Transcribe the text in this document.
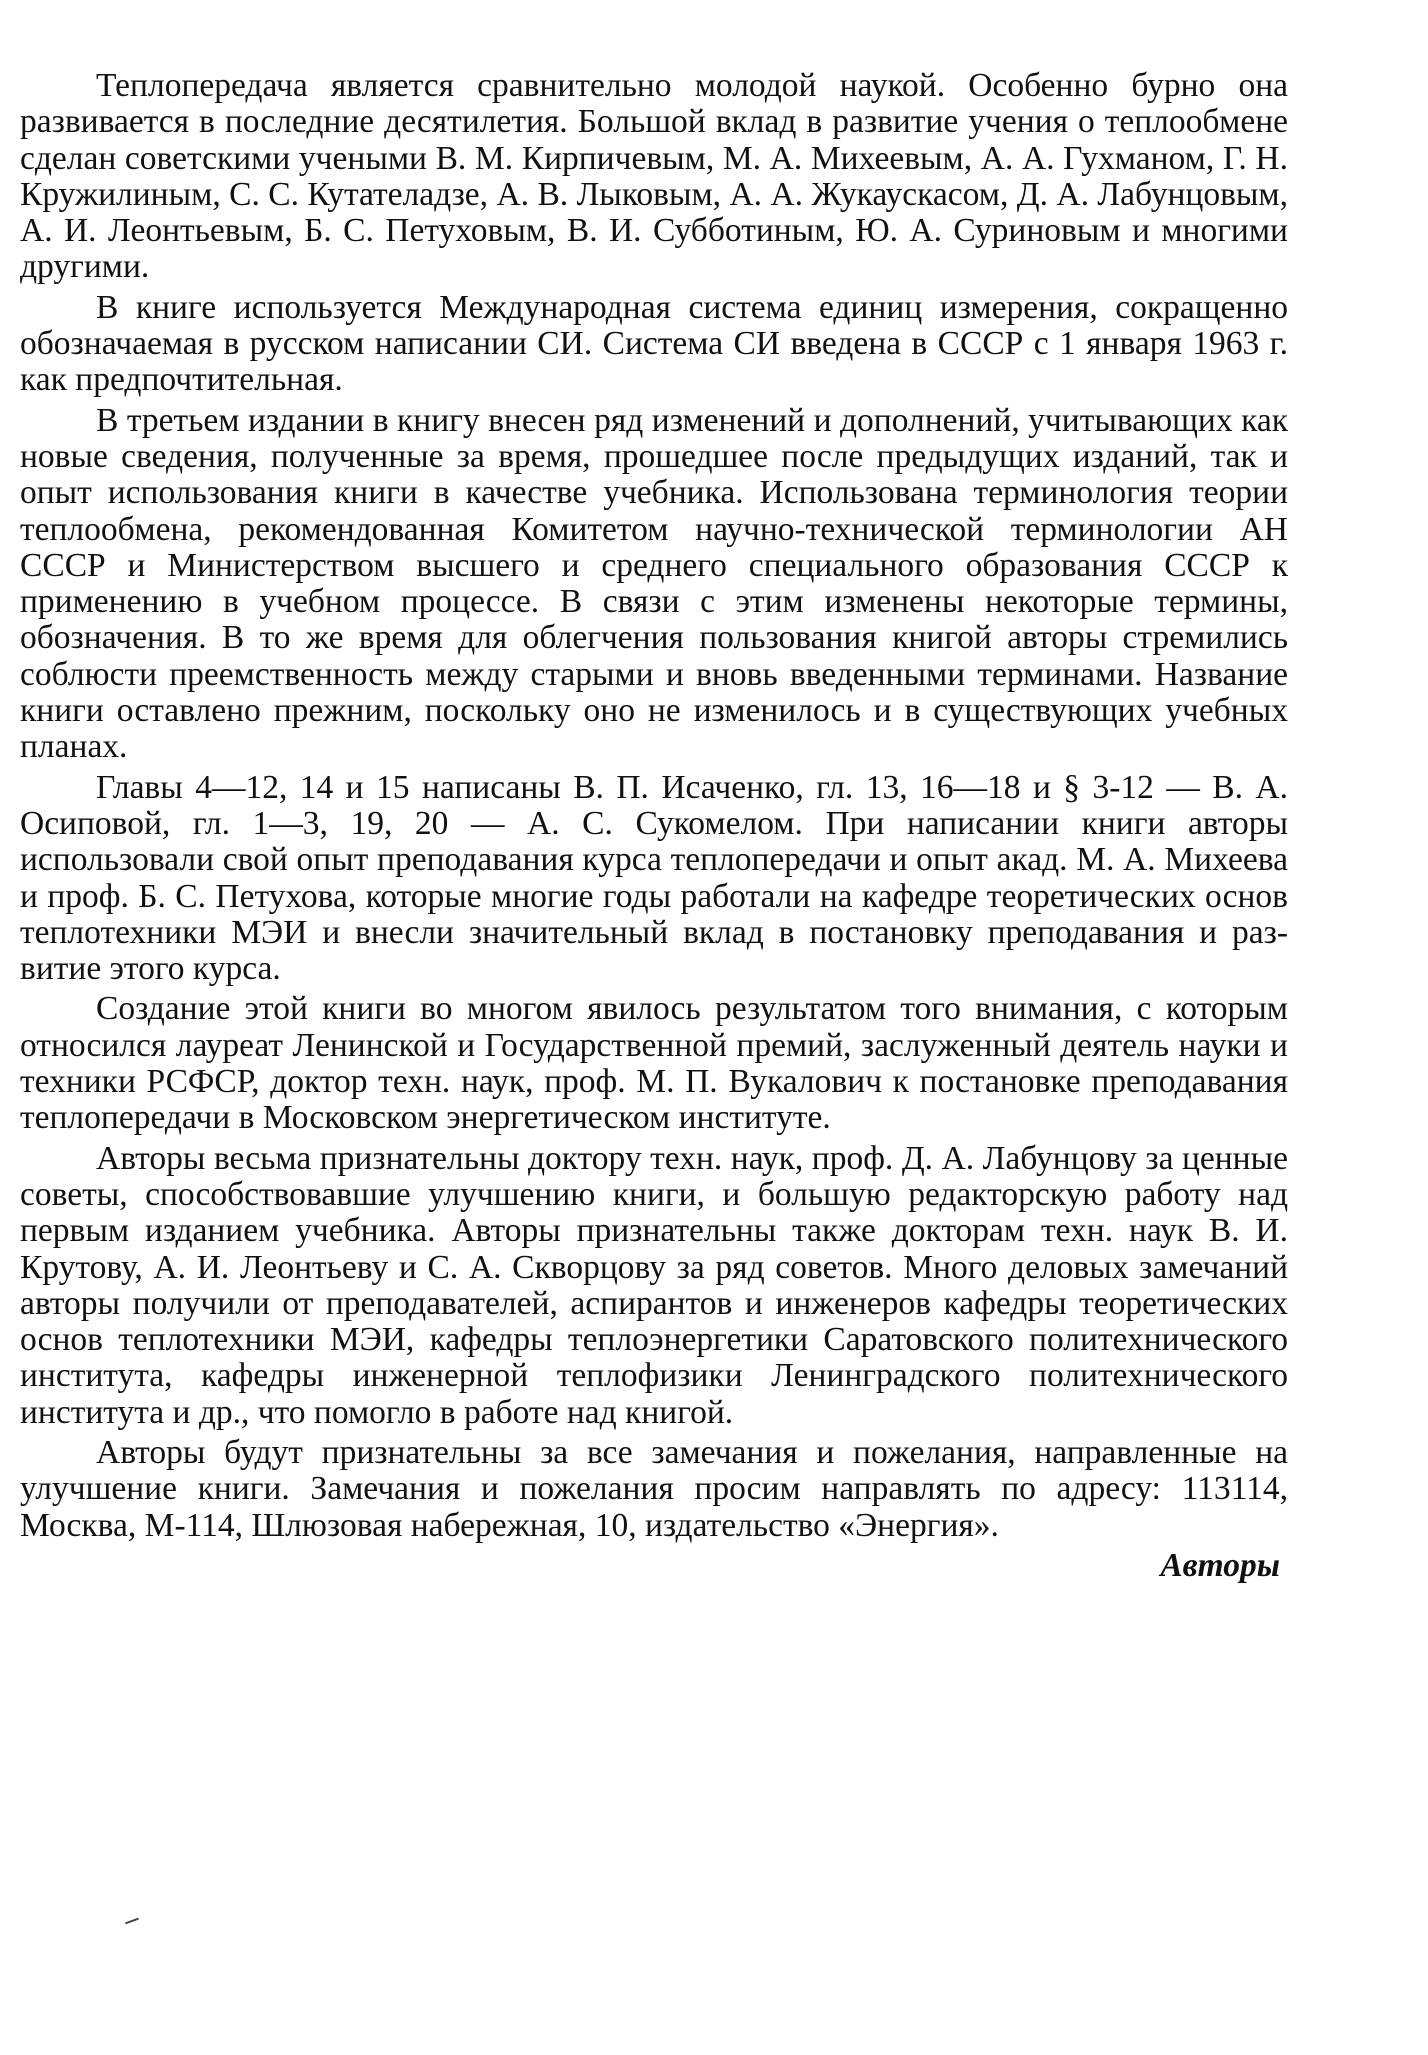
Теплопередача является сравнительно молодой наукой. Особенно бурно она развивается в последние десятилетия. Большой вклад в развитие учения о теплообмене сделан советскими учеными В. М. Кирпичевым, М. А. Михеевым, А. А. Гухманом, Г. Н. Кружилиным, С. С. Кутателадзе, А. В. Лыковым, А. А. Жукаускасом, Д. А. Лабунцовым, А. И. Леонтьевым, Б. С. Петуховым, В. И. Субботиным, Ю. А. Суриновым и многими другими.

В книге используется Международная система единиц измерения, сокращенно обозначаемая в русском написании СИ. Система СИ введена в СССР с 1 января 1963 г. как предпочтительная.

В третьем издании в книгу внесен ряд изменений и дополнений, учитывающих как новые сведения, полученные за время, прошедшее после предыдущих изданий, так и опыт использования книги в качестве учебника. Использована терминология теории теплообмена, рекомендованная Комитетом научно-технической терминологии АН СССР и Министерством высшего и среднего специального образования СССР к применению в учебном процессе. В связи с этим изменены некоторые термины, обозначения. В то же время для облегчения пользования книгой авторы стремились соблюсти преемственность между старыми и вновь введенными терминами. Название книги оставлено прежним, поскольку оно не изменилось и в существующих учебных планах.

Главы 4—12, 14 и 15 написаны В. П. Исаченко, гл. 13, 16—18 и § 3-12 — В. А. Осиповой, гл. 1—3, 19, 20 — А. С. Сукомелом. При написании книги авторы использовали свой опыт преподавания курса теплопередачи и опыт акад. М. А. Михеева и проф. Б. С. Петухова, которые многие годы работали на кафедре теоретических основ теплотехники МЭИ и внесли значительный вклад в постановку преподавания и развитие этого курса.

Создание этой книги во многом явилось результатом того внимания, с которым относился лауреат Ленинской и Государственной премий, заслуженный деятель науки и техники РСФСР, доктор техн. наук, проф. М. П. Вукалович к постановке преподавания теплопередачи в Московском энергетическом институте.

Авторы весьма признательны доктору техн. наук, проф. Д. А. Лабунцову за ценные советы, способствовавшие улучшению книги, и большую редакторскую работу над первым изданием учебника. Авторы признательны также докторам техн. наук В. И. Крутову, А. И. Леонтьеву и С. А. Скворцову за ряд советов. Много деловых замечаний авторы получили от преподавателей, аспирантов и инженеров кафедры теоретических основ теплотехники МЭИ, кафедры теплоэнергетики Саратовского политехнического института, кафедры инженерной теплофизики Ленинградского политехнического института и др., что помогло в работе над книгой.

Авторы будут признательны за все замечания и пожелания, направленные на улучшение книги. Замечания и пожелания просим направлять по адресу: 113114, Москва, М-114, Шлюзовая набережная, 10, издательство «Энергия».

Авторы
